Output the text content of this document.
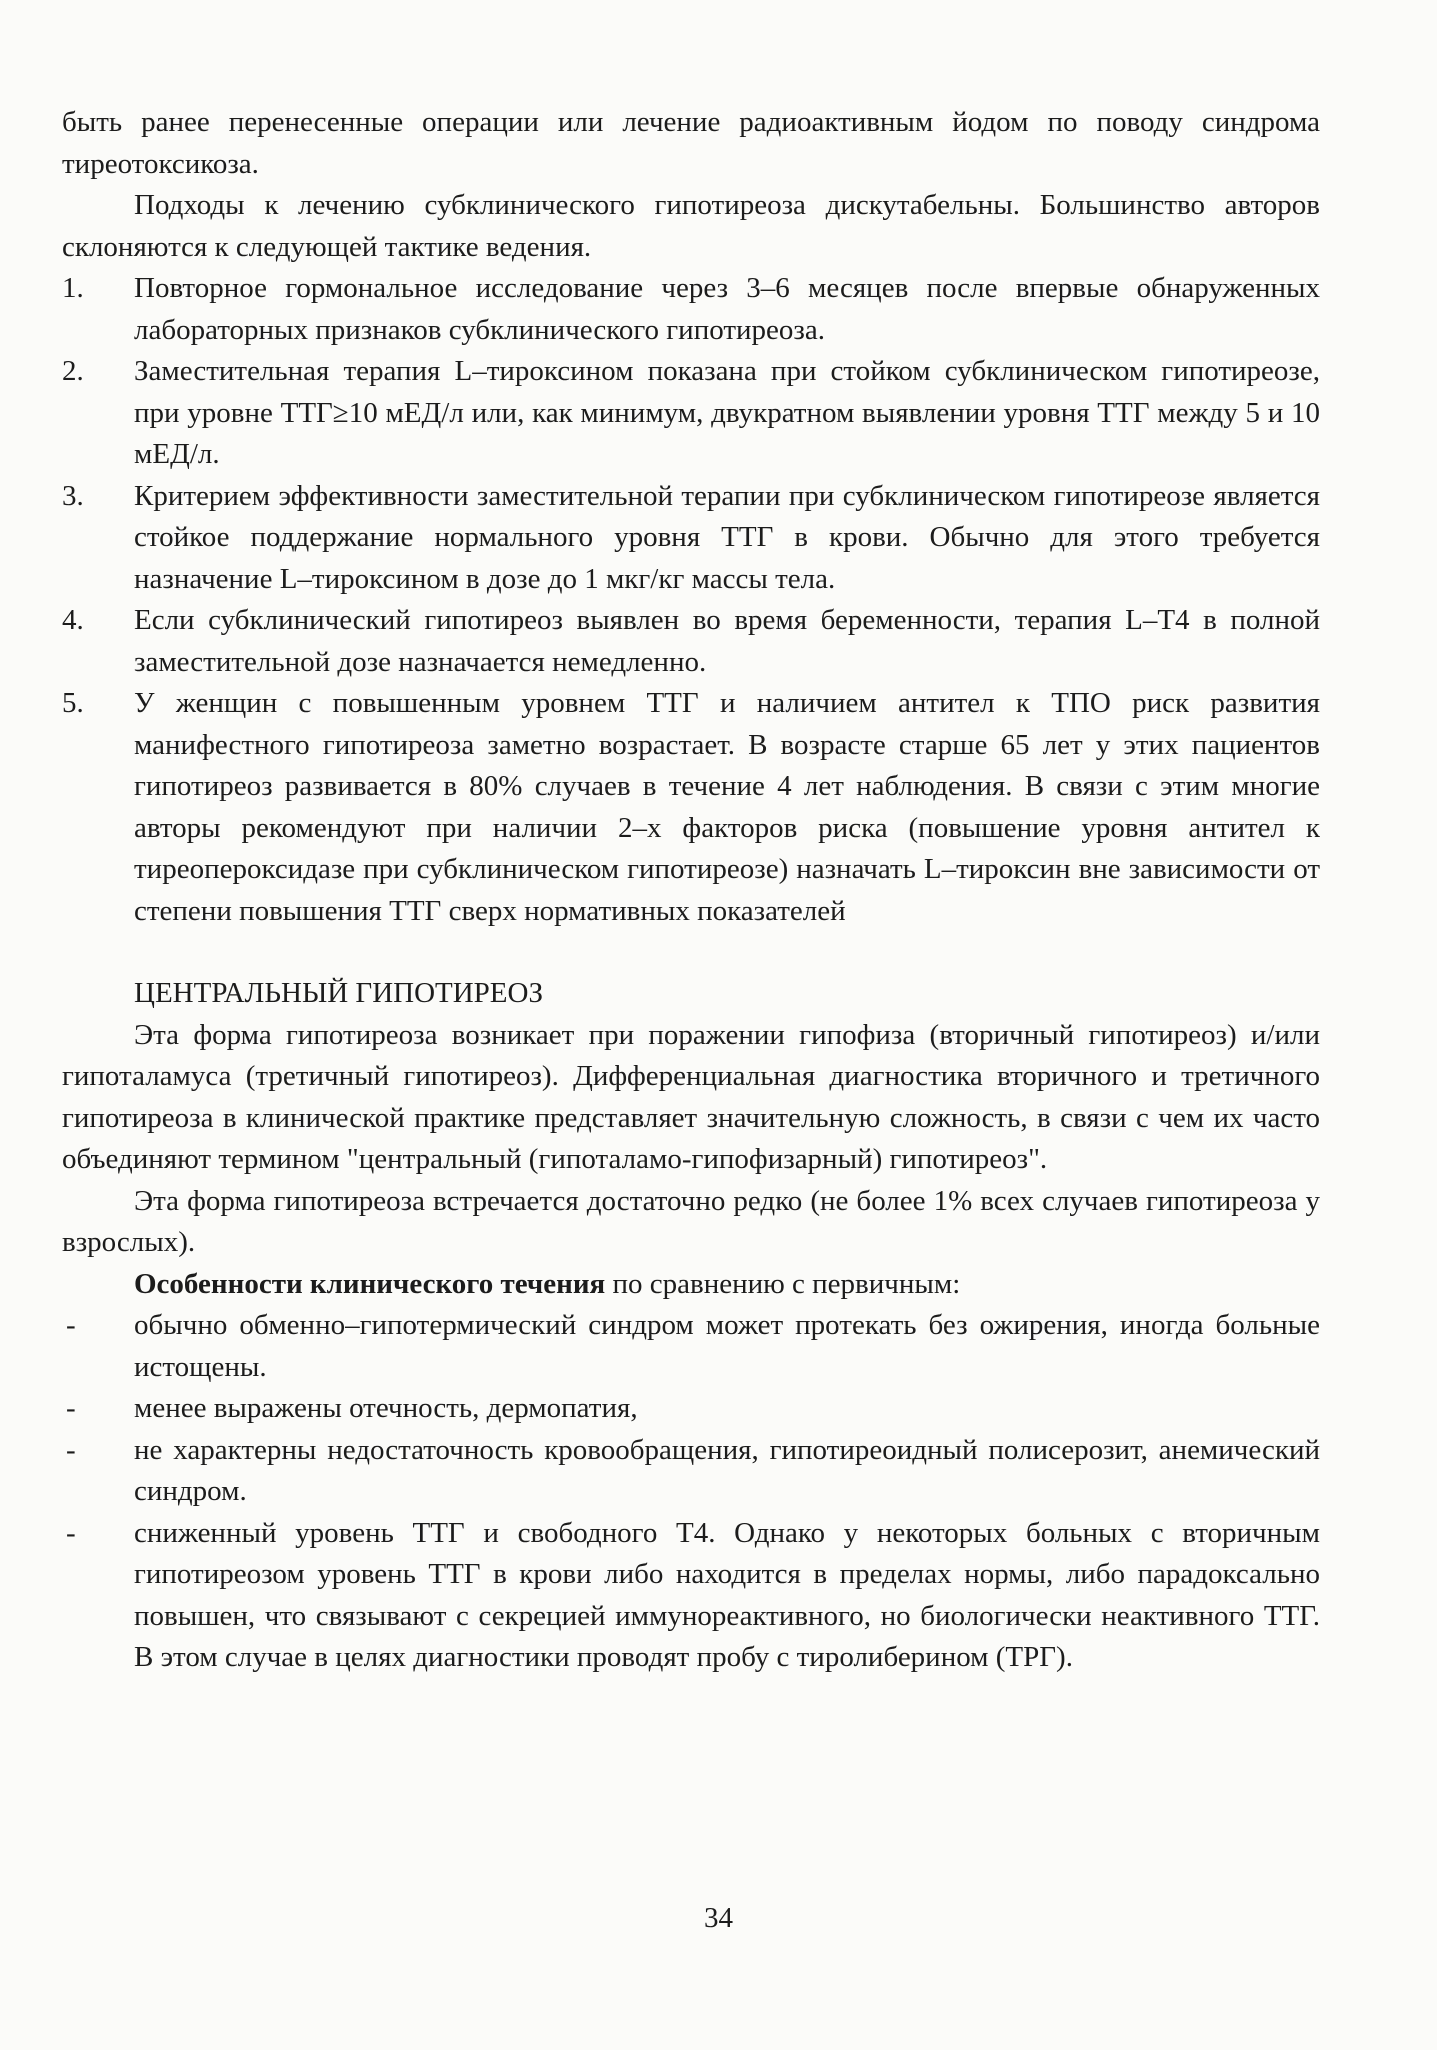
быть ранее перенесенные операции или лечение радиоактивным йодом по поводу синдрома тиреотоксикоза.

Подходы к лечению субклинического гипотиреоза дискутабельны. Большинство авторов склоняются к следующей тактике ведения.

1. Повторное гормональное исследование через 3–6 месяцев после впервые обнаруженных лабораторных признаков субклинического гипотиреоза.
2. Заместительная терапия L–тироксином показана при стойком субклиническом гипотиреозе, при уровне ТТГ≥10 мЕД/л или, как минимум, двукратном выявлении уровня ТТГ между 5 и 10 мЕД/л.
3. Критерием эффективности заместительной терапии при субклиническом гипотиреозе является стойкое поддержание нормального уровня ТТГ в крови. Обычно для этого требуется назначение L–тироксином в дозе до 1 мкг/кг массы тела.
4. Если субклинический гипотиреоз выявлен во время беременности, терапия L–Т4 в полной заместительной дозе назначается немедленно.
5. У женщин с повышенным уровнем ТТГ и наличием антител к ТПО риск развития манифестного гипотиреоза заметно возрастает. В возрасте старше 65 лет у этих пациентов гипотиреоз развивается в 80% случаев в течение 4 лет наблюдения. В связи с этим многие авторы рекомендуют при наличии 2–х факторов риска (повышение уровня антител к тиреопероксидазе при субклиническом гипотиреозе) назначать L–тироксин вне зависимости от степени повышения ТТГ сверх нормативных показателей
ЦЕНТРАЛЬНЫЙ ГИПОТИРЕОЗ

Эта форма гипотиреоза возникает при поражении гипофиза (вторичный гипотиреоз) и/или гипоталамуса (третичный гипотиреоз). Дифференциальная диагностика вторичного и третичного гипотиреоза в клинической практике представляет значительную сложность, в связи с чем их часто объединяют термином "центральный (гипоталамо-гипофизарный) гипотиреоз".

Эта форма гипотиреоза встречается достаточно редко (не более 1% всех случаев гипотиреоза у взрослых).

Особенности клинического течения по сравнению с первичным:

- обычно обменно–гипотермический синдром может протекать без ожирения, иногда больные истощены.
- менее выражены отечность, дермопатия,
- не характерны недостаточность кровообращения, гипотиреоидный полисерозит, анемический синдром.
- сниженный уровень ТТГ и свободного Т4. Однако у некоторых больных с вторичным гипотиреозом уровень ТТГ в крови либо находится в пределах нормы, либо парадоксально повышен, что связывают с секрецией иммунореактивного, но биологически неактивного ТТГ. В этом случае в целях диагностики проводят пробу с тиролиберином (ТРГ).
34
